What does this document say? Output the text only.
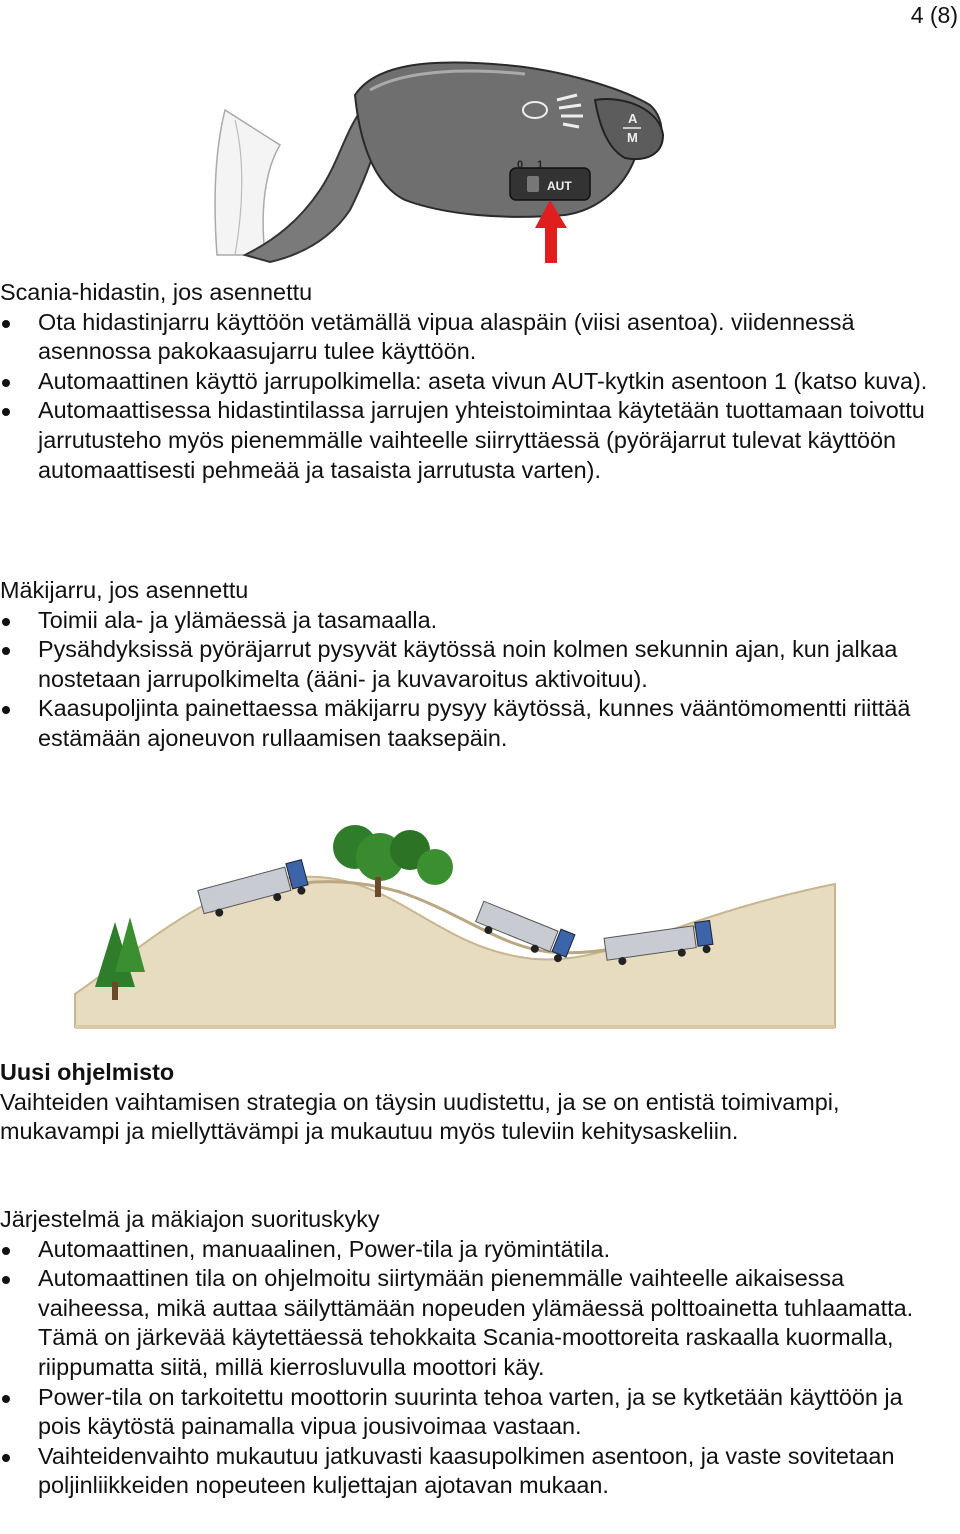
4 (8)
A
M
AUT
0 1

Scania-hidastin, jos asennettu

Ota hidastinjarru käyttöön vetämällä vipua alaspäin (viisi asentoa). viidennessä asennossa pakokaasujarru tulee käyttöön.
Automaattinen käyttö jarrupolkimella: aseta vivun AUT-kytkin asentoon 1 (katso kuva).
Automaattisessa hidastintilassa jarrujen yhteistoimintaa käytetään tuottamaan toivottu jarrutusteho myös pienemmälle vaihteelle siirryttäessä (pyöräjarrut tulevat käyttöön automaattisesti pehmeää ja tasaista jarrutusta varten).

Mäkijarru, jos asennettu

Toimii ala- ja ylämäessä ja tasamaalla.
Pysähdyksissä pyöräjarrut pysyvät käytössä noin kolmen sekunnin ajan, kun jalkaa nostetaan jarrupolkimelta (ääni- ja kuvavaroitus aktivoituu).
Kaasupoljinta painettaessa mäkijarru pysyy käytössä, kunnes vääntömomentti riittää estämään ajoneuvon rullaamisen taaksepäin.

Uusi ohjelmisto

Vaihteiden vaihtamisen strategia on täysin uudistettu, ja se on entistä toimivampi, mukavampi ja miellyttävämpi ja mukautuu myös tuleviin kehitysaskeliin.

Järjestelmä ja mäkiajon suorituskyky

Automaattinen, manuaalinen, Power-tila ja ryömintätila.
Automaattinen tila on ohjelmoitu siirtymään pienemmälle vaihteelle aikaisessa vaiheessa, mikä auttaa säilyttämään nopeuden ylämäessä polttoainetta tuhlaamatta. Tämä on järkevää käytettäessä tehokkaita Scania-moottoreita raskaalla kuormalla, riippumatta siitä, millä kierrosluvulla moottori käy.
Power-tila on tarkoitettu moottorin suurinta tehoa varten, ja se kytketään käyttöön ja pois käytöstä painamalla vipua jousivoimaa vastaan.
Vaihteidenvaihto mukautuu jatkuvasti kaasupolkimen asentoon, ja vaste sovitetaan poljinliikkeiden nopeuteen kuljettajan ajotavan mukaan.
